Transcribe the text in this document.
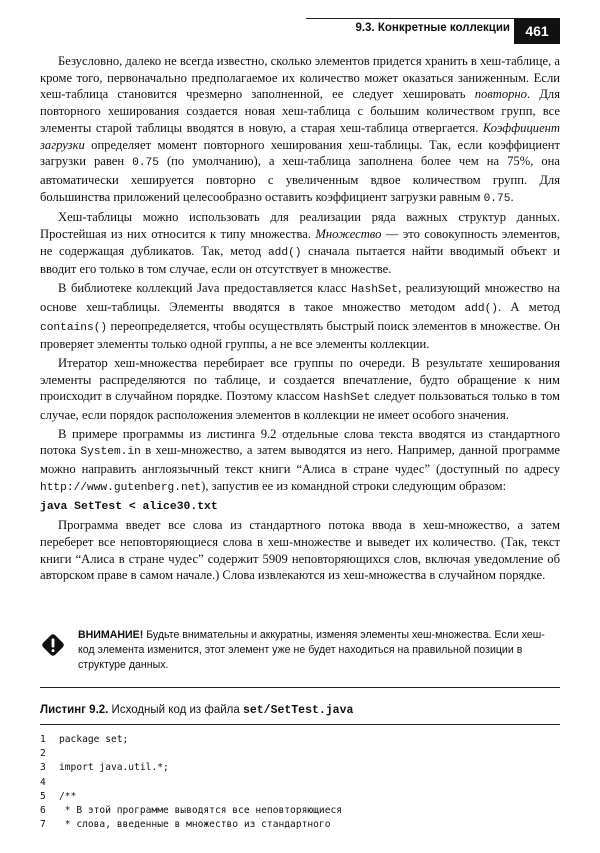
9.3. Конкретные коллекции	461

Безусловно, далеко не всегда известно, сколько элементов придется хранить в хеш-таблице, а кроме того, первоначально предполагаемое их количество может оказаться заниженным. Если хеш-таблица становится чрезмерно заполненной, ее следует хешировать повторно. Для повторного хеширования создается новая хеш-таблица с большим количеством групп, все элементы старой таблицы вводятся в новую, а старая хеш-таблица отвергается. Коэффициент загрузки определяет момент повторного хеширования хеш-таблицы. Так, если коэффициент загрузки равен 0.75 (по умолчанию), а хеш-таблица заполнена более чем на 75%, она автоматически хешируется повторно с увеличенным вдвое количеством групп. Для большинства приложений целесообразно оставить коэффициент загрузки равным 0.75.

Хеш-таблицы можно использовать для реализации ряда важных структур данных. Простейшая из них относится к типу множества. Множество — это совокупность элементов, не содержащая дубликатов. Так, метод add() сначала пытается найти вводимый объект и вводит его только в том случае, если он отсутствует в множестве.

В библиотеке коллекций Java предоставляется класс HashSet, реализующий множество на основе хеш-таблицы. Элементы вводятся в такое множество методом add(). А метод contains() переопределяется, чтобы осуществлять быстрый поиск элементов в множестве. Он проверяет элементы только одной группы, а не все элементы коллекции.

Итератор хеш-множества перебирает все группы по очереди. В результате хеширования элементы распределяются по таблице, и создается впечатление, будто обращение к ним происходит в случайном порядке. Поэтому классом HashSet следует пользоваться только в том случае, если порядок расположения элементов в коллекции не имеет особого значения.

В примере программы из листинга 9.2 отдельные слова текста вводятся из стандартного потока System.in в хеш-множество, а затем выводятся из него. Например, данной программе можно направить англоязычный текст книги “Алиса в стране чудес” (доступный по адресу http://www.gutenberg.net), запустив ее из командной строки следующим образом:

java SetTest < alice30.txt

Программа введет все слова из стандартного потока ввода в хеш-множество, а затем переберет все неповторяющиеся слова в хеш-множестве и выведет их количество. (Так, текст книги “Алиса в стране чудес” содержит 5909 неповторяющихся слов, включая уведомление об авторском праве в самом начале.) Слова извлекаются из хеш-множества в случайном порядке.

ВНИМАНИЕ! Будьте внимательны и аккуратны, изменяя элементы хеш-множества. Если хеш-код элемента изменится, этот элемент уже не будет находиться на правильной позиции в структуре данных.
Листинг 9.2. Исходный код из файла set/SetTest.java
1 package set;
2
3 import java.util.*;
4
5 /**
6 * В этой программе выводятся все неповторяющиеся
7 * слова, введенные в множество из стандартного
